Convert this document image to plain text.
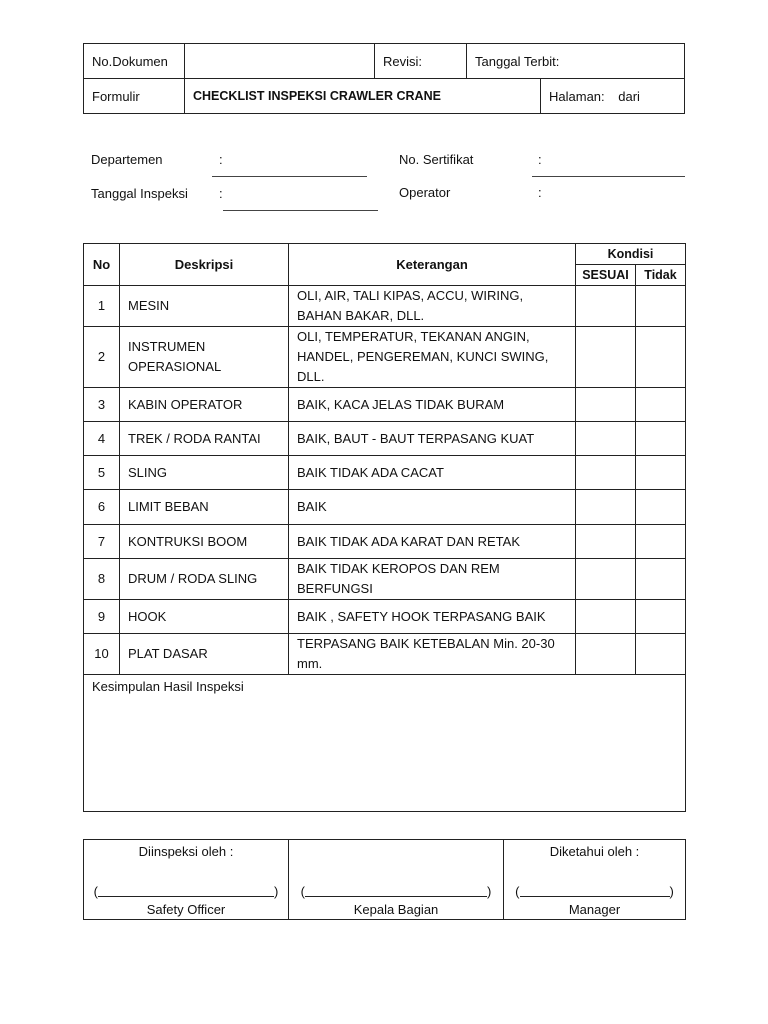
No.Dokumen		Revisi:	Tanggal Terbit:	
Formulir	CHECKLIST INSPEKSI CRAWLER CRANE			Halaman: dari
Departemen	:
Tanggal Inspeksi :
No. Sertifikat	:
Operator	:
No	Deskripsi	Keterangan	Kondisi	
			SESUAI	Tidak
1	MESIN	OLI, AIR, TALI KIPAS, ACCU, WIRING, BAHAN BAKAR, DLL.		
2	INSTRUMEN OPERASIONAL	OLI, TEMPERATUR, TEKANAN ANGIN, HANDEL, PENGEREMAN, KUNCI SWING, DLL.		
3	KABIN OPERATOR	BAIK, KACA JELAS TIDAK BURAM		
4	TREK / RODA RANTAI	BAIK, BAUT - BAUT TERPASANG KUAT		
5	SLING	BAIK TIDAK ADA CACAT		
6	LIMIT BEBAN	BAIK		
7	KONTRUKSI BOOM	BAIK TIDAK ADA KARAT DAN RETAK		
8	DRUM / RODA SLING	BAIK TIDAK KEROPOS DAN REM BERFUNGSI		
9	HOOK	BAIK , SAFETY HOOK TERPASANG BAIK		
10	PLAT DASAR	TERPASANG BAIK KETEBALAN Min. 20-30 mm.		
Kesimpulan Hasil Inspeksi				
Diinspeksi oleh :
(	)
Safety Officer

(	)
Kepala Bagian

Diketahui oleh :
(	)
Manager
